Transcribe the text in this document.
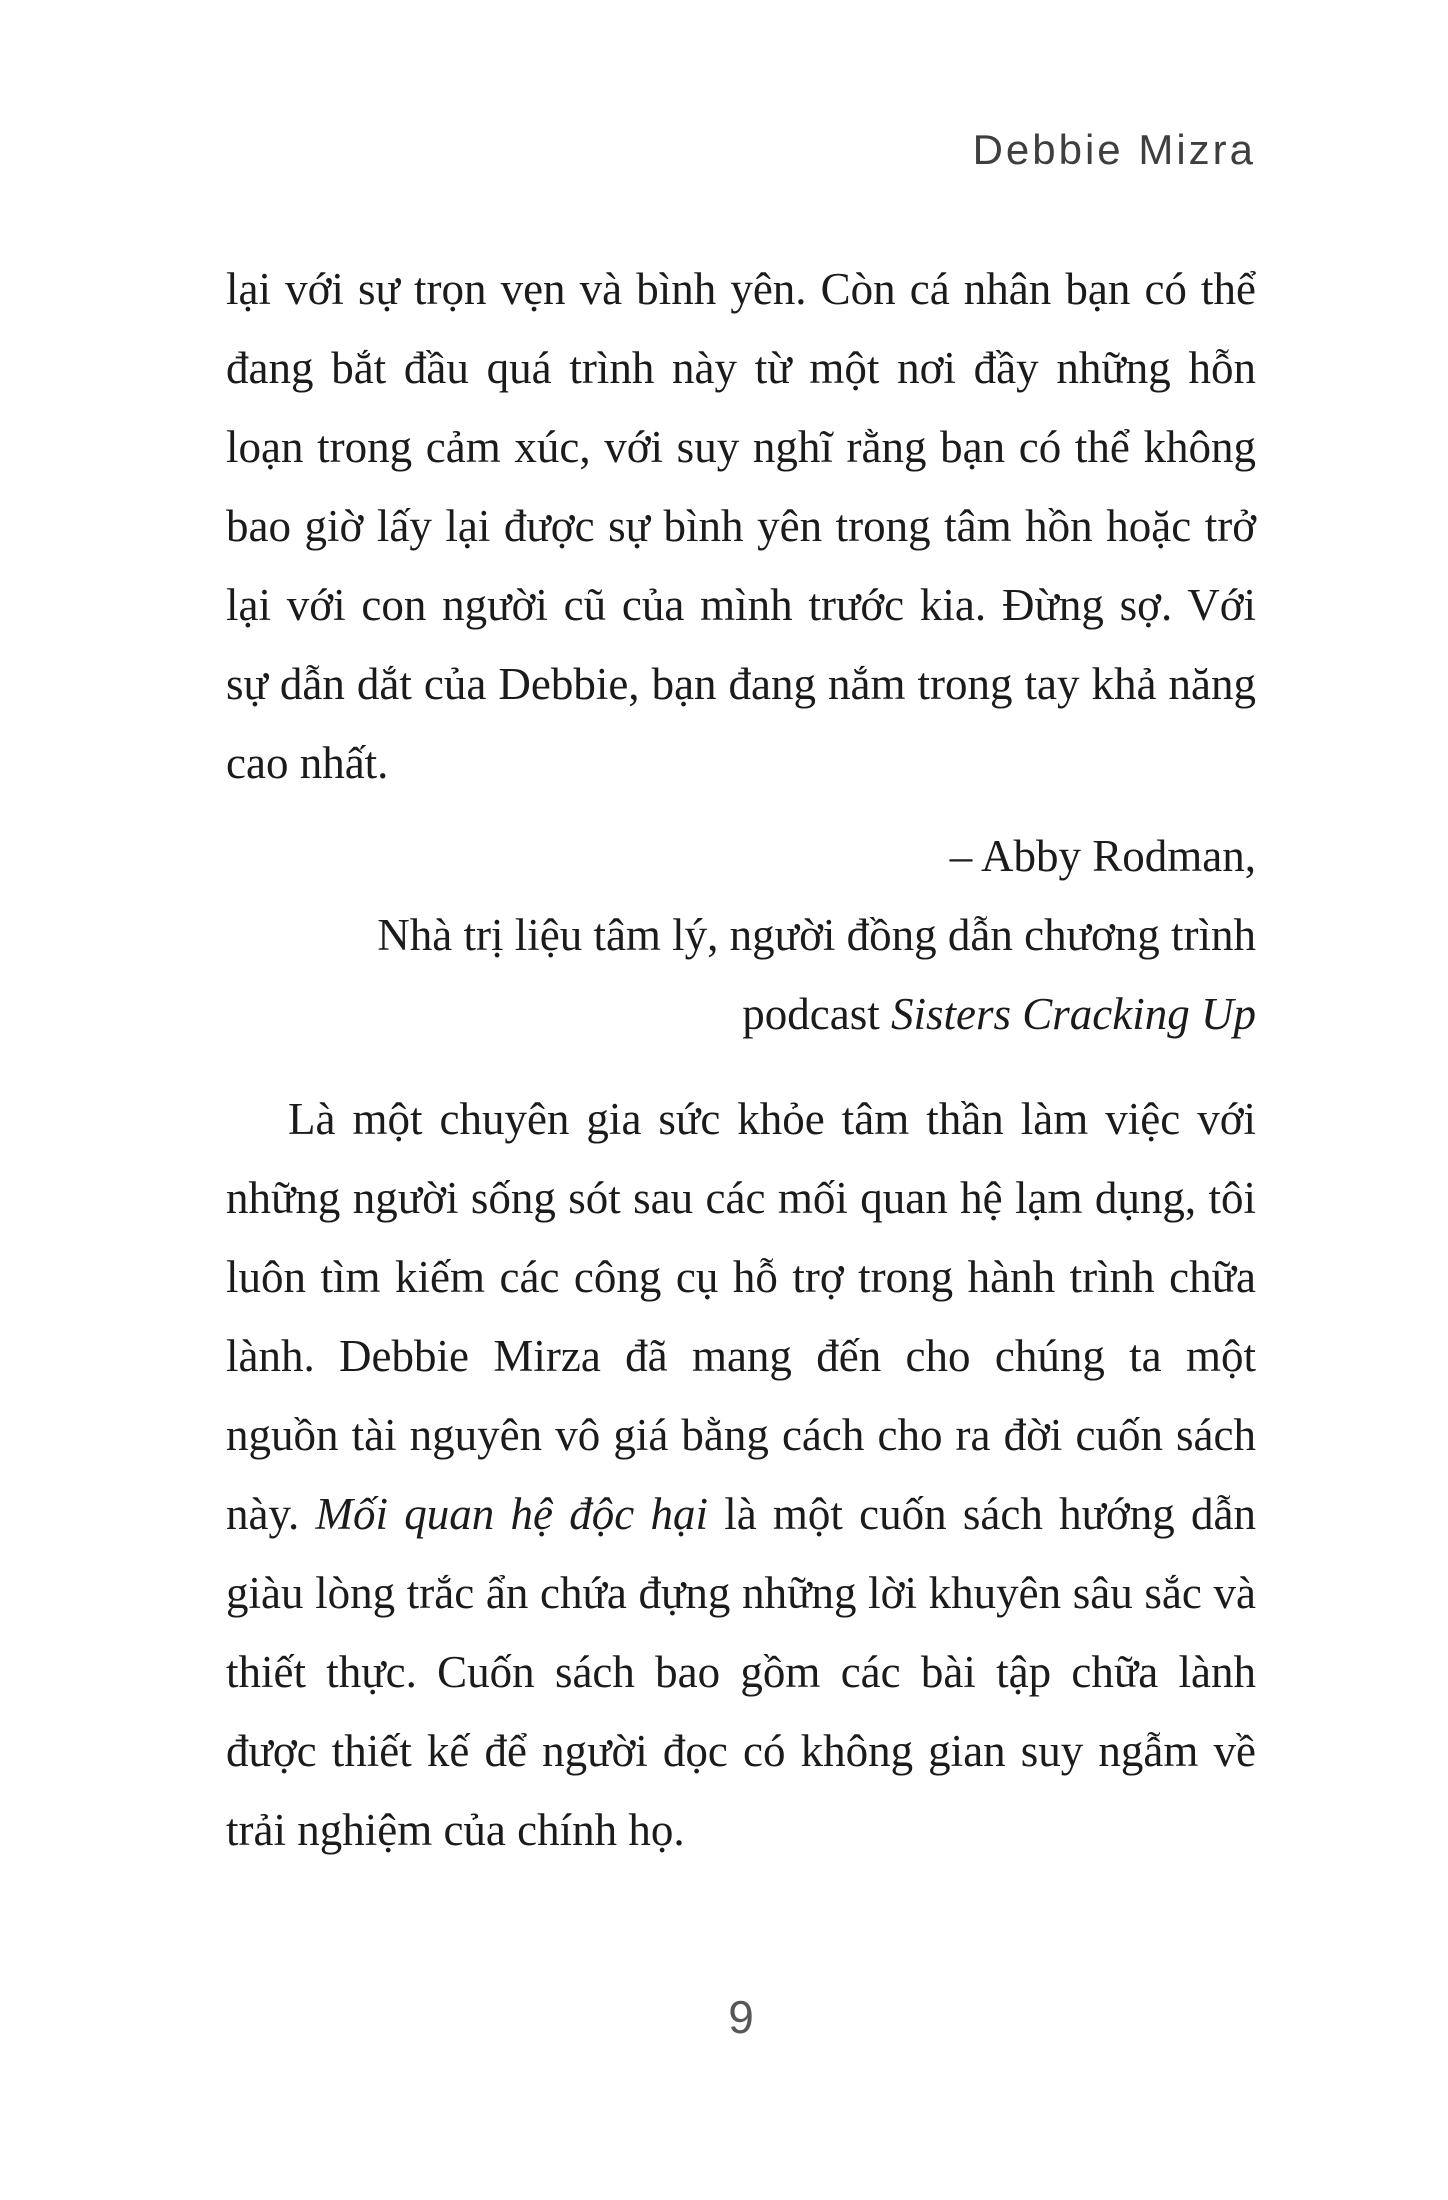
Debbie Mizra

lại với sự trọn vẹn và bình yên. Còn cá nhân bạn có thể đang bắt đầu quá trình này từ một nơi đầy những hỗn loạn trong cảm xúc, với suy nghĩ rằng bạn có thể không bao giờ lấy lại được sự bình yên trong tâm hồn hoặc trở lại với con người cũ của mình trước kia. Đừng sợ. Với sự dẫn dắt của Debbie, bạn đang nắm trong tay khả năng cao nhất.

– Abby Rodman,
Nhà trị liệu tâm lý, người đồng dẫn chương trình
podcast Sisters Cracking Up

Là một chuyên gia sức khỏe tâm thần làm việc với những người sống sót sau các mối quan hệ lạm dụng, tôi luôn tìm kiếm các công cụ hỗ trợ trong hành trình chữa lành. Debbie Mirza đã mang đến cho chúng ta một nguồn tài nguyên vô giá bằng cách cho ra đời cuốn sách này. Mối quan hệ độc hại là một cuốn sách hướng dẫn giàu lòng trắc ẩn chứa đựng những lời khuyên sâu sắc và thiết thực. Cuốn sách bao gồm các bài tập chữa lành được thiết kế để người đọc có không gian suy ngẫm về trải nghiệm của chính họ.

9
